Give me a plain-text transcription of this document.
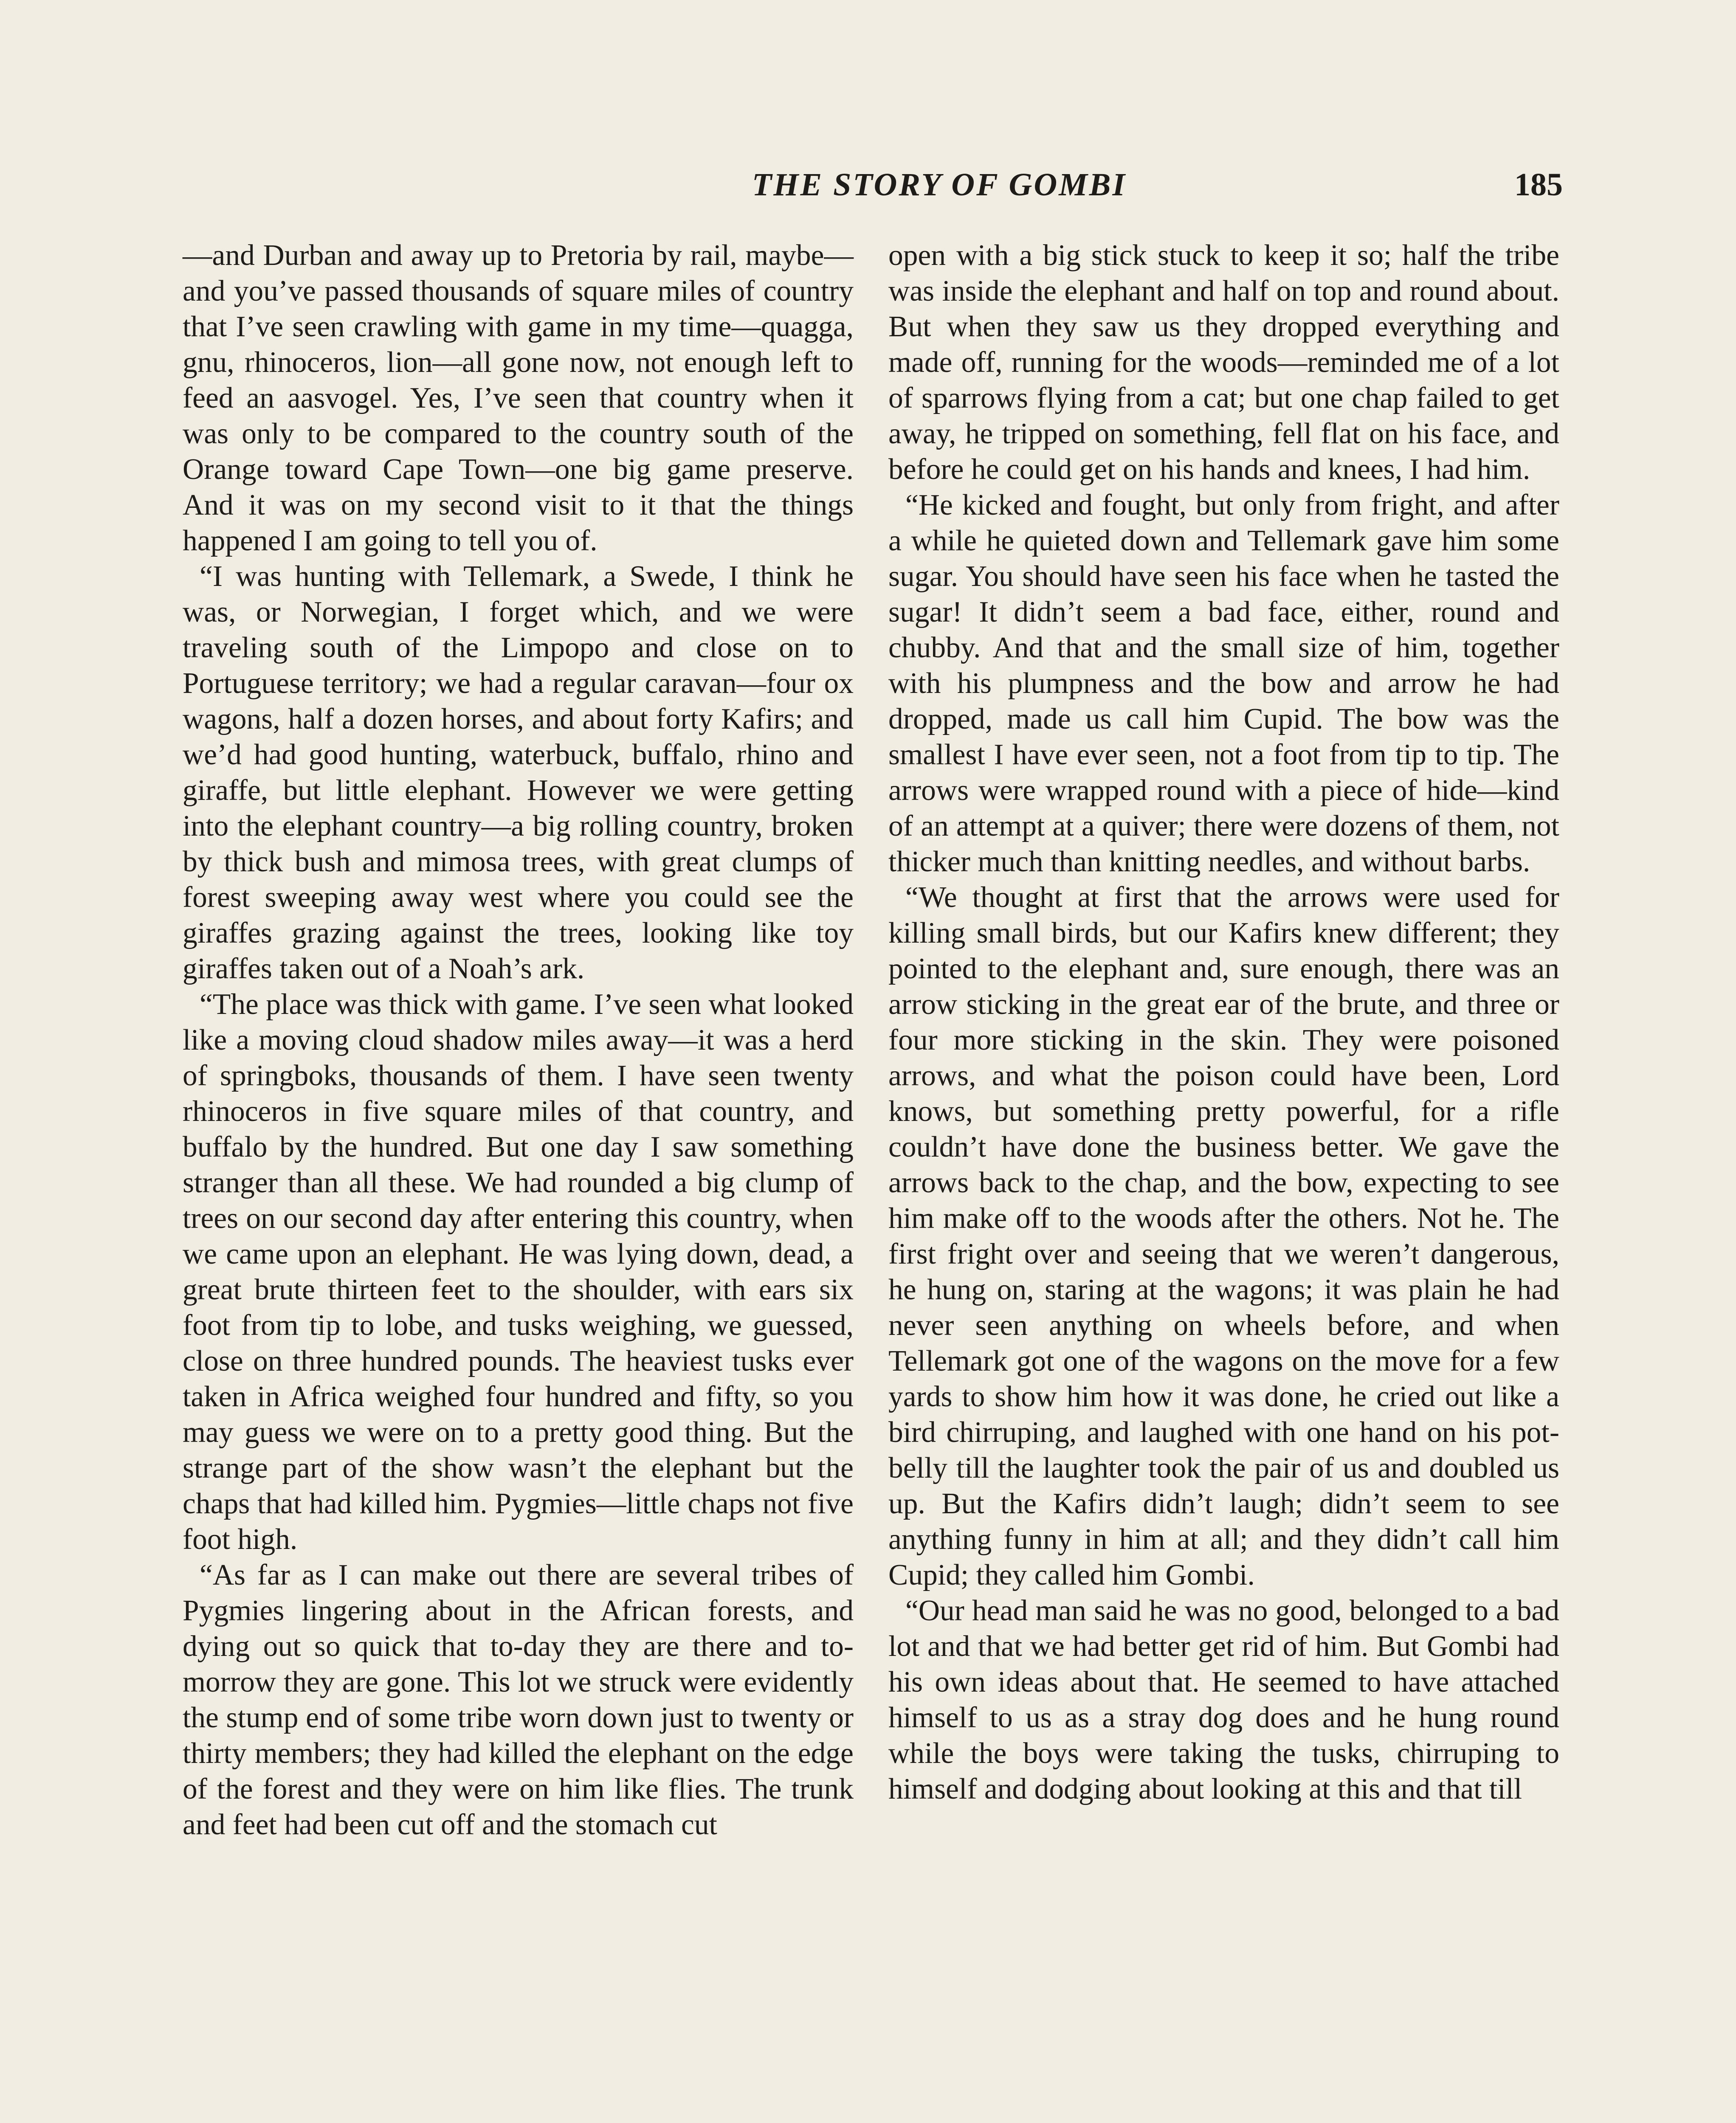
THE STORY OF GOMBI	185

—and Durban and away up to Pretoria by rail, maybe—and you’ve passed thousands of square miles of country that I’ve seen crawling with game in my time—quagga, gnu, rhinoceros, lion—all gone now, not enough left to feed an aasvogel. Yes, I’ve seen that country when it was only to be compared to the country south of the Orange toward Cape Town—one big game preserve. And it was on my second visit to it that the things happened I am going to tell you of.

“I was hunting with Tellemark, a Swede, I think he was, or Norwegian, I forget which, and we were traveling south of the Limpopo and close on to Portuguese territory; we had a regular caravan—four ox wagons, half a dozen horses, and about forty Kafirs; and we’d had good hunting, waterbuck, buffalo, rhino and giraffe, but little elephant. However we were getting into the elephant country—a big rolling country, broken by thick bush and mimosa trees, with great clumps of forest sweeping away west where you could see the giraffes grazing against the trees, looking like toy giraffes taken out of a Noah’s ark.

“The place was thick with game. I’ve seen what looked like a moving cloud shadow miles away—it was a herd of springboks, thousands of them. I have seen twenty rhinoceros in five square miles of that country, and buffalo by the hundred. But one day I saw something stranger than all these. We had rounded a big clump of trees on our second day after entering this country, when we came upon an elephant. He was lying down, dead, a great brute thirteen feet to the shoulder, with ears six foot from tip to lobe, and tusks weighing, we guessed, close on three hundred pounds. The heaviest tusks ever taken in Africa weighed four hundred and fifty, so you may guess we were on to a pretty good thing. But the strange part of the show wasn’t the elephant but the chaps that had killed him. Pygmies—little chaps not five foot high.

“As far as I can make out there are several tribes of Pygmies lingering about in the African forests, and dying out so quick that to-day they are there and to-morrow they are gone. This lot we struck were evidently the stump end of some tribe worn down just to twenty or thirty members; they had killed the elephant on the edge of the forest and they were on him like flies. The trunk and feet had been cut off and the stomach cut

open with a big stick stuck to keep it so; half the tribe was inside the elephant and half on top and round about. But when they saw us they dropped everything and made off, running for the woods—reminded me of a lot of sparrows flying from a cat; but one chap failed to get away, he tripped on something, fell flat on his face, and before he could get on his hands and knees, I had him.

“He kicked and fought, but only from fright, and after a while he quieted down and Tellemark gave him some sugar. You should have seen his face when he tasted the sugar! It didn’t seem a bad face, either, round and chubby. And that and the small size of him, together with his plumpness and the bow and arrow he had dropped, made us call him Cupid. The bow was the smallest I have ever seen, not a foot from tip to tip. The arrows were wrapped round with a piece of hide—kind of an attempt at a quiver; there were dozens of them, not thicker much than knitting needles, and without barbs.

“We thought at first that the arrows were used for killing small birds, but our Kafirs knew different; they pointed to the elephant and, sure enough, there was an arrow sticking in the great ear of the brute, and three or four more sticking in the skin. They were poisoned arrows, and what the poison could have been, Lord knows, but something pretty powerful, for a rifle couldn’t have done the business better. We gave the arrows back to the chap, and the bow, expecting to see him make off to the woods after the others. Not he. The first fright over and seeing that we weren’t dangerous, he hung on, staring at the wagons; it was plain he had never seen anything on wheels before, and when Tellemark got one of the wagons on the move for a few yards to show him how it was done, he cried out like a bird chirruping, and laughed with one hand on his pot-belly till the laughter took the pair of us and doubled us up. But the Kafirs didn’t laugh; didn’t seem to see anything funny in him at all; and they didn’t call him Cupid; they called him Gombi.

“Our head man said he was no good, belonged to a bad lot and that we had better get rid of him. But Gombi had his own ideas about that. He seemed to have attached himself to us as a stray dog does and he hung round while the boys were taking the tusks, chirruping to himself and dodging about looking at this and that till
